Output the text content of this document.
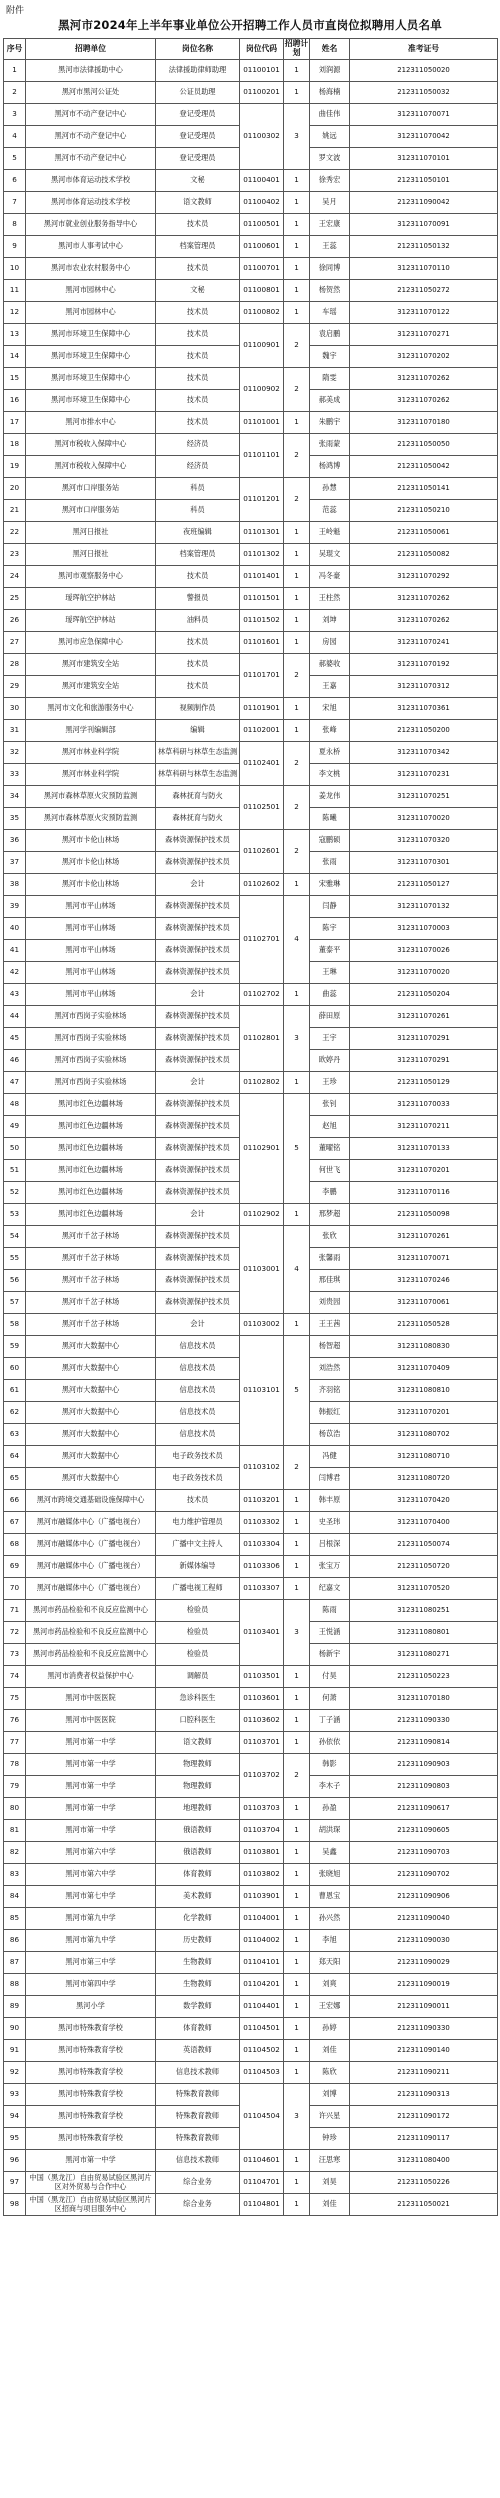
附件
黑河市2024年上半年事业单位公开招聘工作人员市直岗位拟聘用人员名单
序号	招聘单位	岗位名称	岗位代码	招聘计划	姓名	准考证号
1	黑河市法律援助中心	法律援助律师助理	01100101	1	刘润源	212311050020
2	黑河市黑河公证处	公证员助理	01100201	1	杨海楠	212311050032
3	黑河市不动产登记中心	登记受理员	01100302	3	曲佳伟	312311070071
4	黑河市不动产登记中心	登记受理员			姚远	312311070042
5	黑河市不动产登记中心	登记受理员			罗文波	312311070101
6	黑河市体育运动技术学校	文秘	01100401	1	徐秀宏	212311050101
7	黑河市体育运动技术学校	语文教师	01100402	1	吴月	212311090042
8	黑河市就业创业服务指导中心	技术员	01100501	1	王宏康	312311070091
9	黑河市人事考试中心	档案管理员	01100601	1	王蕊	212311050132
10	黑河市农业农村服务中心	技术员	01100701	1	徐同博	312311070110
11	黑河市园林中心	文秘	01100801	1	杨贺然	212311050272
12	黑河市园林中心	技术员	01100802	1	车瑶	312311070122
13	黑河市环境卫生保障中心	技术员	01100901	2	袁启鹏	312311070271
14	黑河市环境卫生保障中心	技术员			魏宇	312311070202
15	黑河市环境卫生保障中心	技术员	01100902	2	隋雯	312311070262
16	黑河市环境卫生保障中心	技术员			郝美成	312311070262
17	黑河市排水中心	技术员	01101001	1	朱鹏宇	312311070180
18	黑河市税收入保障中心	经济员	01101101	2	张雨蒙	212311050050
19	黑河市税收入保障中心	经济员			杨鸿博	212311050042
20	黑河市口岸服务站	科员	01101201	2	孙慧	212311050141
21	黑河市口岸服务站	科员			范蕊	212311050210
22	黑河日报社	夜班编辑	01101301	1	王岭魁	212311050061
23	黑河日报社	档案管理员	01101302	1	吴琨文	212311050082
24	黑河市观察服务中心	技术员	01101401	1	冯冬豪	312311070292
25	瑷珲航空护林站	警报员	01101501	1	王柱然	312311070262
26	瑷珲航空护林站	油料员	01101502	1	刘坤	312311070262
27	黑河市应急保障中心	技术员	01101601	1	房园	312311070241
28	黑河市建筑安全站	技术员	01101701	2	郝婆收	312311070192
29	黑河市建筑安全站	技术员			王嘉	312311070312
30	黑河市文化和旅游服务中心	视频制作员	01101901	1	宋旭	312311070361
31	黑河学刊编辑部	编辑	01102001	1	张峰	212311050200
32	黑河市林业科学院	林草科研与林草生态监测	01102401	2	夏永桥	312311070342
33	黑河市林业科学院	林草科研与林草生态监测			李文桃	312311070231
34	黑河市森林草原火灾预防监测	森林抚育与防火	01102501	2	姜龙伟	312311070251
35	黑河市森林草原火灾预防监测	森林抚育与防火			陈曦	312311070020
36	黑河市卡伦山林场	森林资源保护技术员	01102601	2	寇鹏硕	312311070320
37	黑河市卡伦山林场	森林资源保护技术员			张雨	312311070301
38	黑河市卡伦山林场	会计	01102602	1	宋雅琳	212311050127
39	黑河市平山林场	森林资源保护技术员	01102701	4	闫静	312311070132
40	黑河市平山林场	森林资源保护技术员			陈宇	312311070003
41	黑河市平山林场	森林资源保护技术员			董泰平	312311070026
42	黑河市平山林场	森林资源保护技术员			王琳	312311070020
43	黑河市平山林场	会计	01102702	1	曲蕊	212311050204
44	黑河市西岗子实验林场	森林资源保护技术员	01102801	3	薛田原	312311070261
45	黑河市西岗子实验林场	森林资源保护技术员			王宇	312311070291
46	黑河市西岗子实验林场	森林资源保护技术员			欧婷丹	312311070291
47	黑河市西岗子实验林场	会计	01102802	1	王珍	212311050129
48	黑河市红色边疆林场	森林资源保护技术员	01102901	5	张钊	312311070033
49	黑河市红色边疆林场	森林资源保护技术员			赵旭	312311070211
50	黑河市红色边疆林场	森林资源保护技术员			董曜铭	312311070133
51	黑河市红色边疆林场	森林资源保护技术员			何世飞	312311070201
52	黑河市红色边疆林场	森林资源保护技术员			李鹏	312311070116
53	黑河市红色边疆林场	会计	01102902	1	邢梦超	212311050098
54	黑河市千岔子林场	森林资源保护技术员	01103001	4	张欣	312311070261
55	黑河市千岔子林场	森林资源保护技术员			张馨雨	312311070071
56	黑河市千岔子林场	森林资源保护技术员			邢佳琪	312311070246
57	黑河市千岔子林场	森林资源保护技术员			刘贵园	312311070061
58	黑河市千岔子林场	会计	01103002	1	王王茜	212311050528
59	黑河市大数据中心	信息技术员	01103101	5	杨智超	312311080830
60	黑河市大数据中心	信息技术员			刘浩然	312311070409
61	黑河市大数据中心	信息技术员			齐羽铭	312311080810
62	黑河市大数据中心	信息技术员			韩振红	312311070201
63	黑河市大数据中心	信息技术员			杨苡浩	312311080702
64	黑河市大数据中心	电子政务技术员	01103102	2	冯健	312311080710
65	黑河市大数据中心	电子政务技术员			闫博君	312311080720
66	黑河市跨境交通基础设施保障中心	技术员	01103201	1	韩丰原	312311070420
67	黑河市融媒体中心（广播电视台）	电力维护管理员	01103302	1	史圣玮	312311070400
68	黑河市融媒体中心（广播电视台）	广播中文主持人	01103304	1	吕根深	212311050074
69	黑河市融媒体中心（广播电视台）	新媒体编导	01103306	1	张宝万	212311050720
70	黑河市融媒体中心（广播电视台）	广播电视工程师	01103307	1	纪嘉文	312311070520
71	黑河市药品检验和不良反应监测中心	检验员	01103401	3	陈雨	312311080251
72	黑河市药品检验和不良反应监测中心	检验员			王悦涵	312311080801
73	黑河市药品检验和不良反应监测中心	检验员			杨新宇	312311080271
74	黑河市消费者权益保护中心	调解员	01103501	1	付昊	212311050223
75	黑河市中医医院	急诊科医生	01103601	1	何萧	312311070180
76	黑河市中医医院	口腔科医生	01103602	1	丁子涵	212311090330
77	黑河市第一中学	语文教师	01103701	1	孙依依	212311090814
78	黑河市第一中学	物理教师	01103702	2	韩影	212311090903
79	黑河市第一中学	物理教师			李木子	212311090803
80	黑河市第一中学	地理教师	01103703	1	孙盈	212311090617
81	黑河市第一中学	俄语教师	01103704	1	胡洪琛	212311090605
82	黑河市第六中学	俄语教师	01103801	1	吴鑫	212311090703
83	黑河市第六中学	体育教师	01103802	1	张晓旭	212311090702
84	黑河市第七中学	美术教师	01103901	1	曹恩宝	212311090906
85	黑河市第九中学	化学教师	01104001	1	孙兴然	212311090040
86	黑河市第九中学	历史教师	01104002	1	李旭	212311090030
87	黑河市第三中学	生物教师	01104101	1	郑天阳	212311090029
88	黑河市第四中学	生物教师	01104201	1	刘爽	212311090019
89	黑河小学	数学教师	01104401	1	王宏娜	212311090011
90	黑河市特殊教育学校	体育教师	01104501	1	孙婷	212311090330
91	黑河市特殊教育学校	英语教师	01104502	1	刘佳	212311090140
92	黑河市特殊教育学校	信息技术教师	01104503	1	陈欣	212311090211
93	黑河市特殊教育学校	特殊教育教师	01104504	3	刘博	212311090313
94	黑河市特殊教育学校	特殊教育教师			许兴星	212311090172
95	黑河市特殊教育学校	特殊教育教师			钟珍	212311090117
96	黑河市第一中学	信息技术教师	01104601	1	汪思寒	312311080400
97	中国（黑龙江）自由贸易试验区黑河片区对外贸易与合作中心	综合业务	01104701	1	刘昊	212311050226
98	中国（黑龙江）自由贸易试验区黑河片区招商与项目服务中心	综合业务	01104801	1	刘佳	212311050021
